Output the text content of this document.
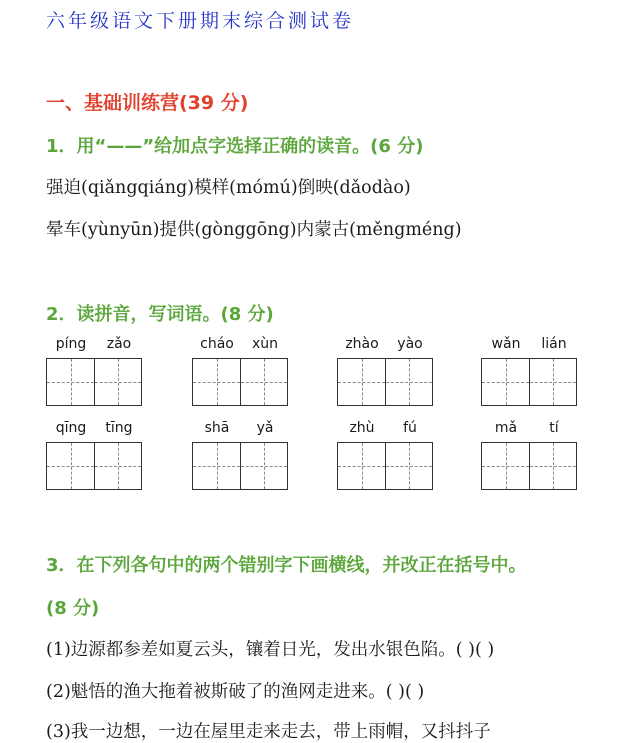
六年级语文下册期末综合测试卷
一、基础训练营(39 分)
1．用“——”给加点字选择正确的读音。(6 分)
强迫(qiǎngqiáng)模样(mómú)倒映(dǎodào)
晕车(yùnyūn)提供(gònggōng)内蒙古(měngméng)
2．读拼音，写词语。(8 分)
píng	zǎo	cháo	xùn	zhào	yào	wǎn	lián
qīng	tīng	shā	yǎ	zhù	fú	mǎ	tí
3．在下列各句中的两个错别字下画横线，并改正在括号中。
(8 分)
(1)边源都参差如夏云头，镶着日光，发出水银色陷。( )( )
(2)魁悟的渔大拖着被斯破了的渔网走进来。( )( )
(3)我一边想，一边在屋里走来走去，带上雨帽，又抖抖子
